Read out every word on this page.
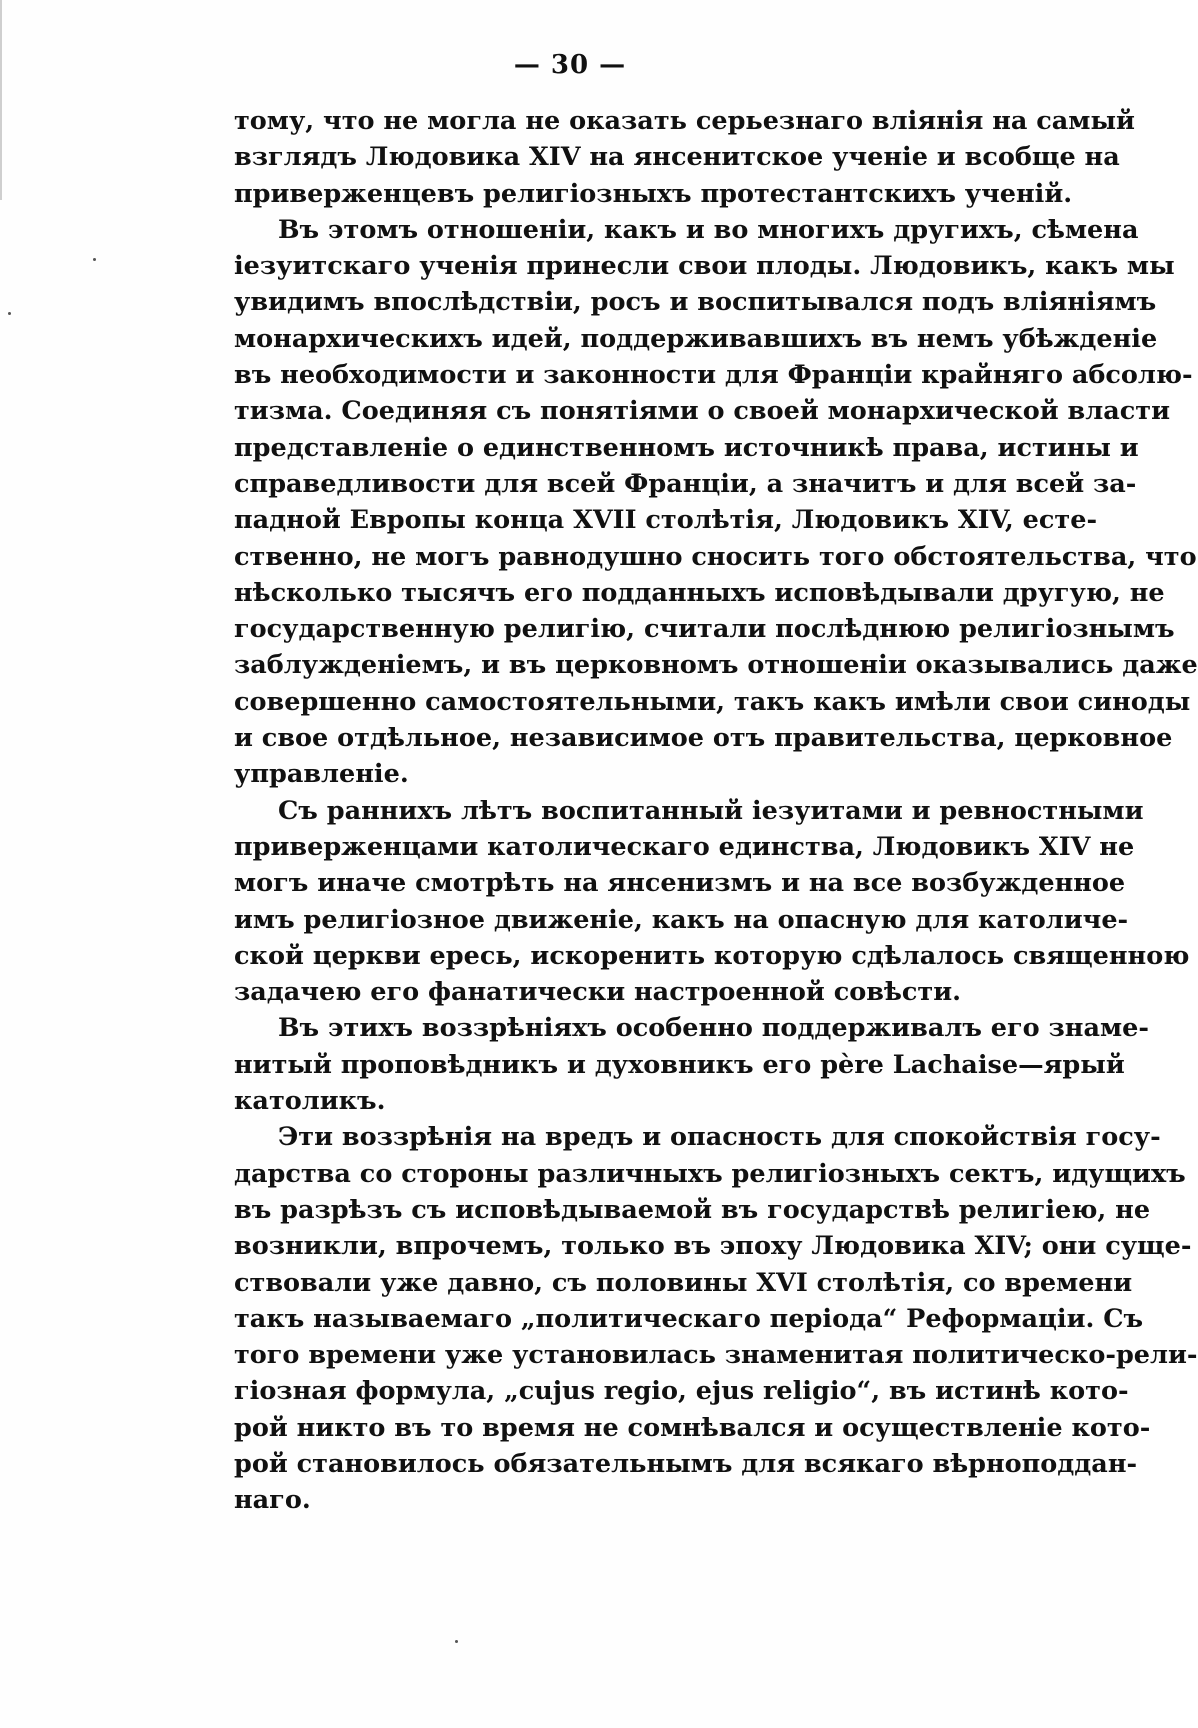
— 30 —

тому, что не могла не оказать серьезнаго вліянія на самый
взглядъ Людовика XIV на янсенитское ученіе и всобще на
приверженцевъ религіозныхъ протестантскихъ ученій.

Въ этомъ отношеніи, какъ и во многихъ другихъ, сѣмена
іезуитскаго ученія принесли свои плоды. Людовикъ, какъ мы
увидимъ впослѣдствіи, росъ и воспитывался подъ вліяніямъ
монархическихъ идей, поддерживавшихъ въ немъ убѣжденіе
въ необходимости и законности для Франціи крайняго абсолю-
тизма. Соединяя съ понятіями о своей монархической власти
представленіе о единственномъ источникѣ права, истины и
справедливости для всей Франціи, а значитъ и для всей за-
падной Европы конца XVII столѣтія, Людовикъ XIV, есте-
ственно, не могъ равнодушно сносить того обстоятельства, что
нѣсколько тысячъ его подданныхъ исповѣдывали другую, не
государственную религію, считали послѣднюю религіознымъ
заблужденіемъ, и въ церковномъ отношеніи оказывались даже
совершенно самостоятельными, такъ какъ имѣли свои синоды
и свое отдѣльное, независимое отъ правительства, церковное
управленіе.

Съ раннихъ лѣтъ воспитанный іезуитами и ревностными
приверженцами католическаго единства, Людовикъ XIV не
могъ иначе смотрѣть на янсенизмъ и на все возбужденное
имъ религіозное движеніе, какъ на опасную для католиче-
ской церкви ересь, искоренить которую сдѣлалось священною
задачею его фанатически настроенной совѣсти.

Въ этихъ воззрѣніяхъ особенно поддерживалъ его знаме-
нитый проповѣдникъ и духовникъ его père Lachaise—ярый
католикъ.

Эти воззрѣнія на вредъ и опасность для спокойствія госу-
дарства со стороны различныхъ религіозныхъ сектъ, идущихъ
въ разрѣзъ съ исповѣдываемой въ государствѣ религіею, не
возникли, впрочемъ, только въ эпоху Людовика XIV; они суще-
ствовали уже давно, съ половины XVI столѣтія, со времени
такъ называемаго „политическаго періода“ Реформаціи. Съ
того времени уже установилась знаменитая политическо-рели-
гіозная формула, „cujus regio, ejus religio“, въ истинѣ кото-
рой никто въ то время не сомнѣвался и осуществленіе кото-
рой становилось обязательнымъ для всякаго вѣрноподдан-
наго.
